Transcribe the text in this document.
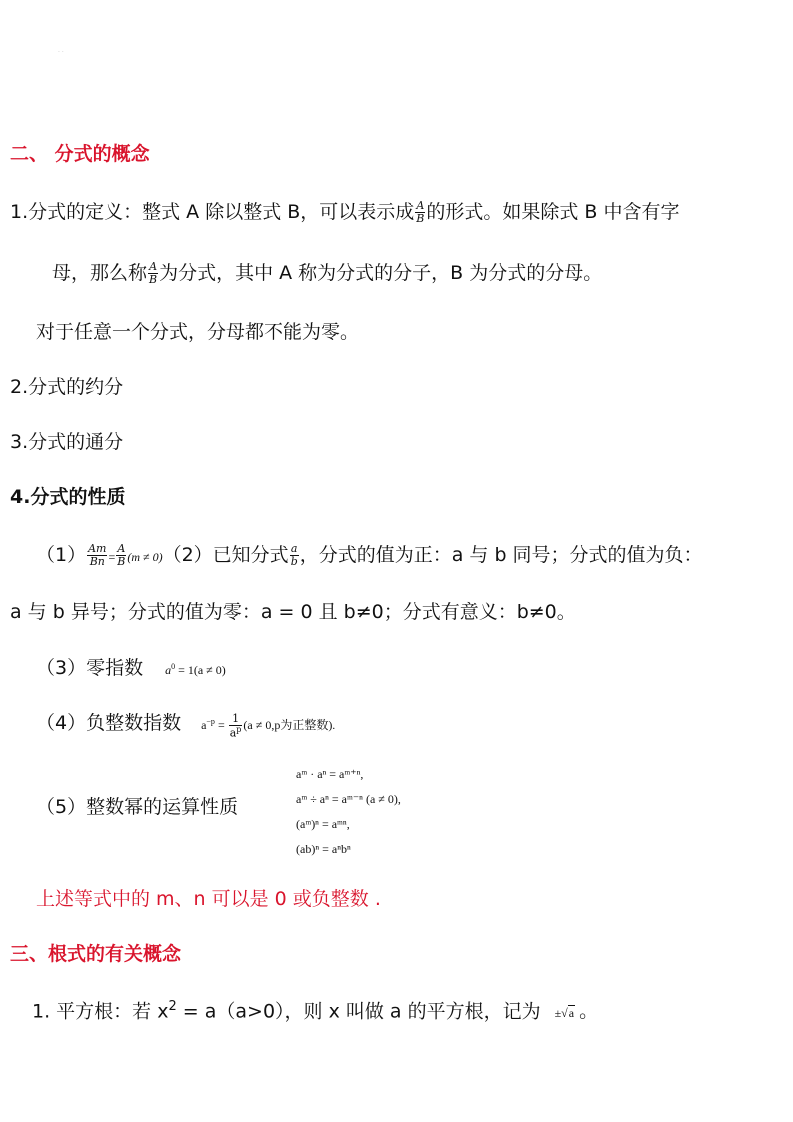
. .
二、 分式的概念
1.分式的定义：整式 A 除以整式 B，可以表示成 $\frac{A}{B}$ 的形式。如果除式 B 中含有字
母，那么称 $\frac{A}{B}$ 为分式，其中 A 称为分式的分子，B 为分式的分母。
对于任意一个分式，分母都不能为零。
2.分式的约分
3.分式的通分
4.分式的性质
$(1) \frac{Am}{Bn} = \frac{A}{B} (m \ne 0)(2)$已知分式 $\frac{a}{b}$ ，分式的值为正：a 与 b 同号；分式的值为负：
a 与 b 异号；分式的值为零：a = 0 且 b≠0；分式有意义：b≠0。
（3）零指数 $a^0 = 1(a \ne 0)$
（4）负整数指数 $a^{-p} = \frac{1}{a^p} (a \ne 0,p$为正整数).
（5）整数幂的运算性质
aᵐ · aⁿ = aᵐ⁺ⁿ,
aᵐ ÷ aⁿ = aᵐ⁻ⁿ (a ≠ 0),
(aᵐ)ⁿ = aᵐⁿ,
(ab)ⁿ = aⁿbⁿ
上述等式中的 m、n 可以是 0 或负整数 .
三、根式的有关概念
1. 平方根：若 $x^2 = a(a>0)$，则 x 叫做 a 的平方根，记为 ±√a 。
